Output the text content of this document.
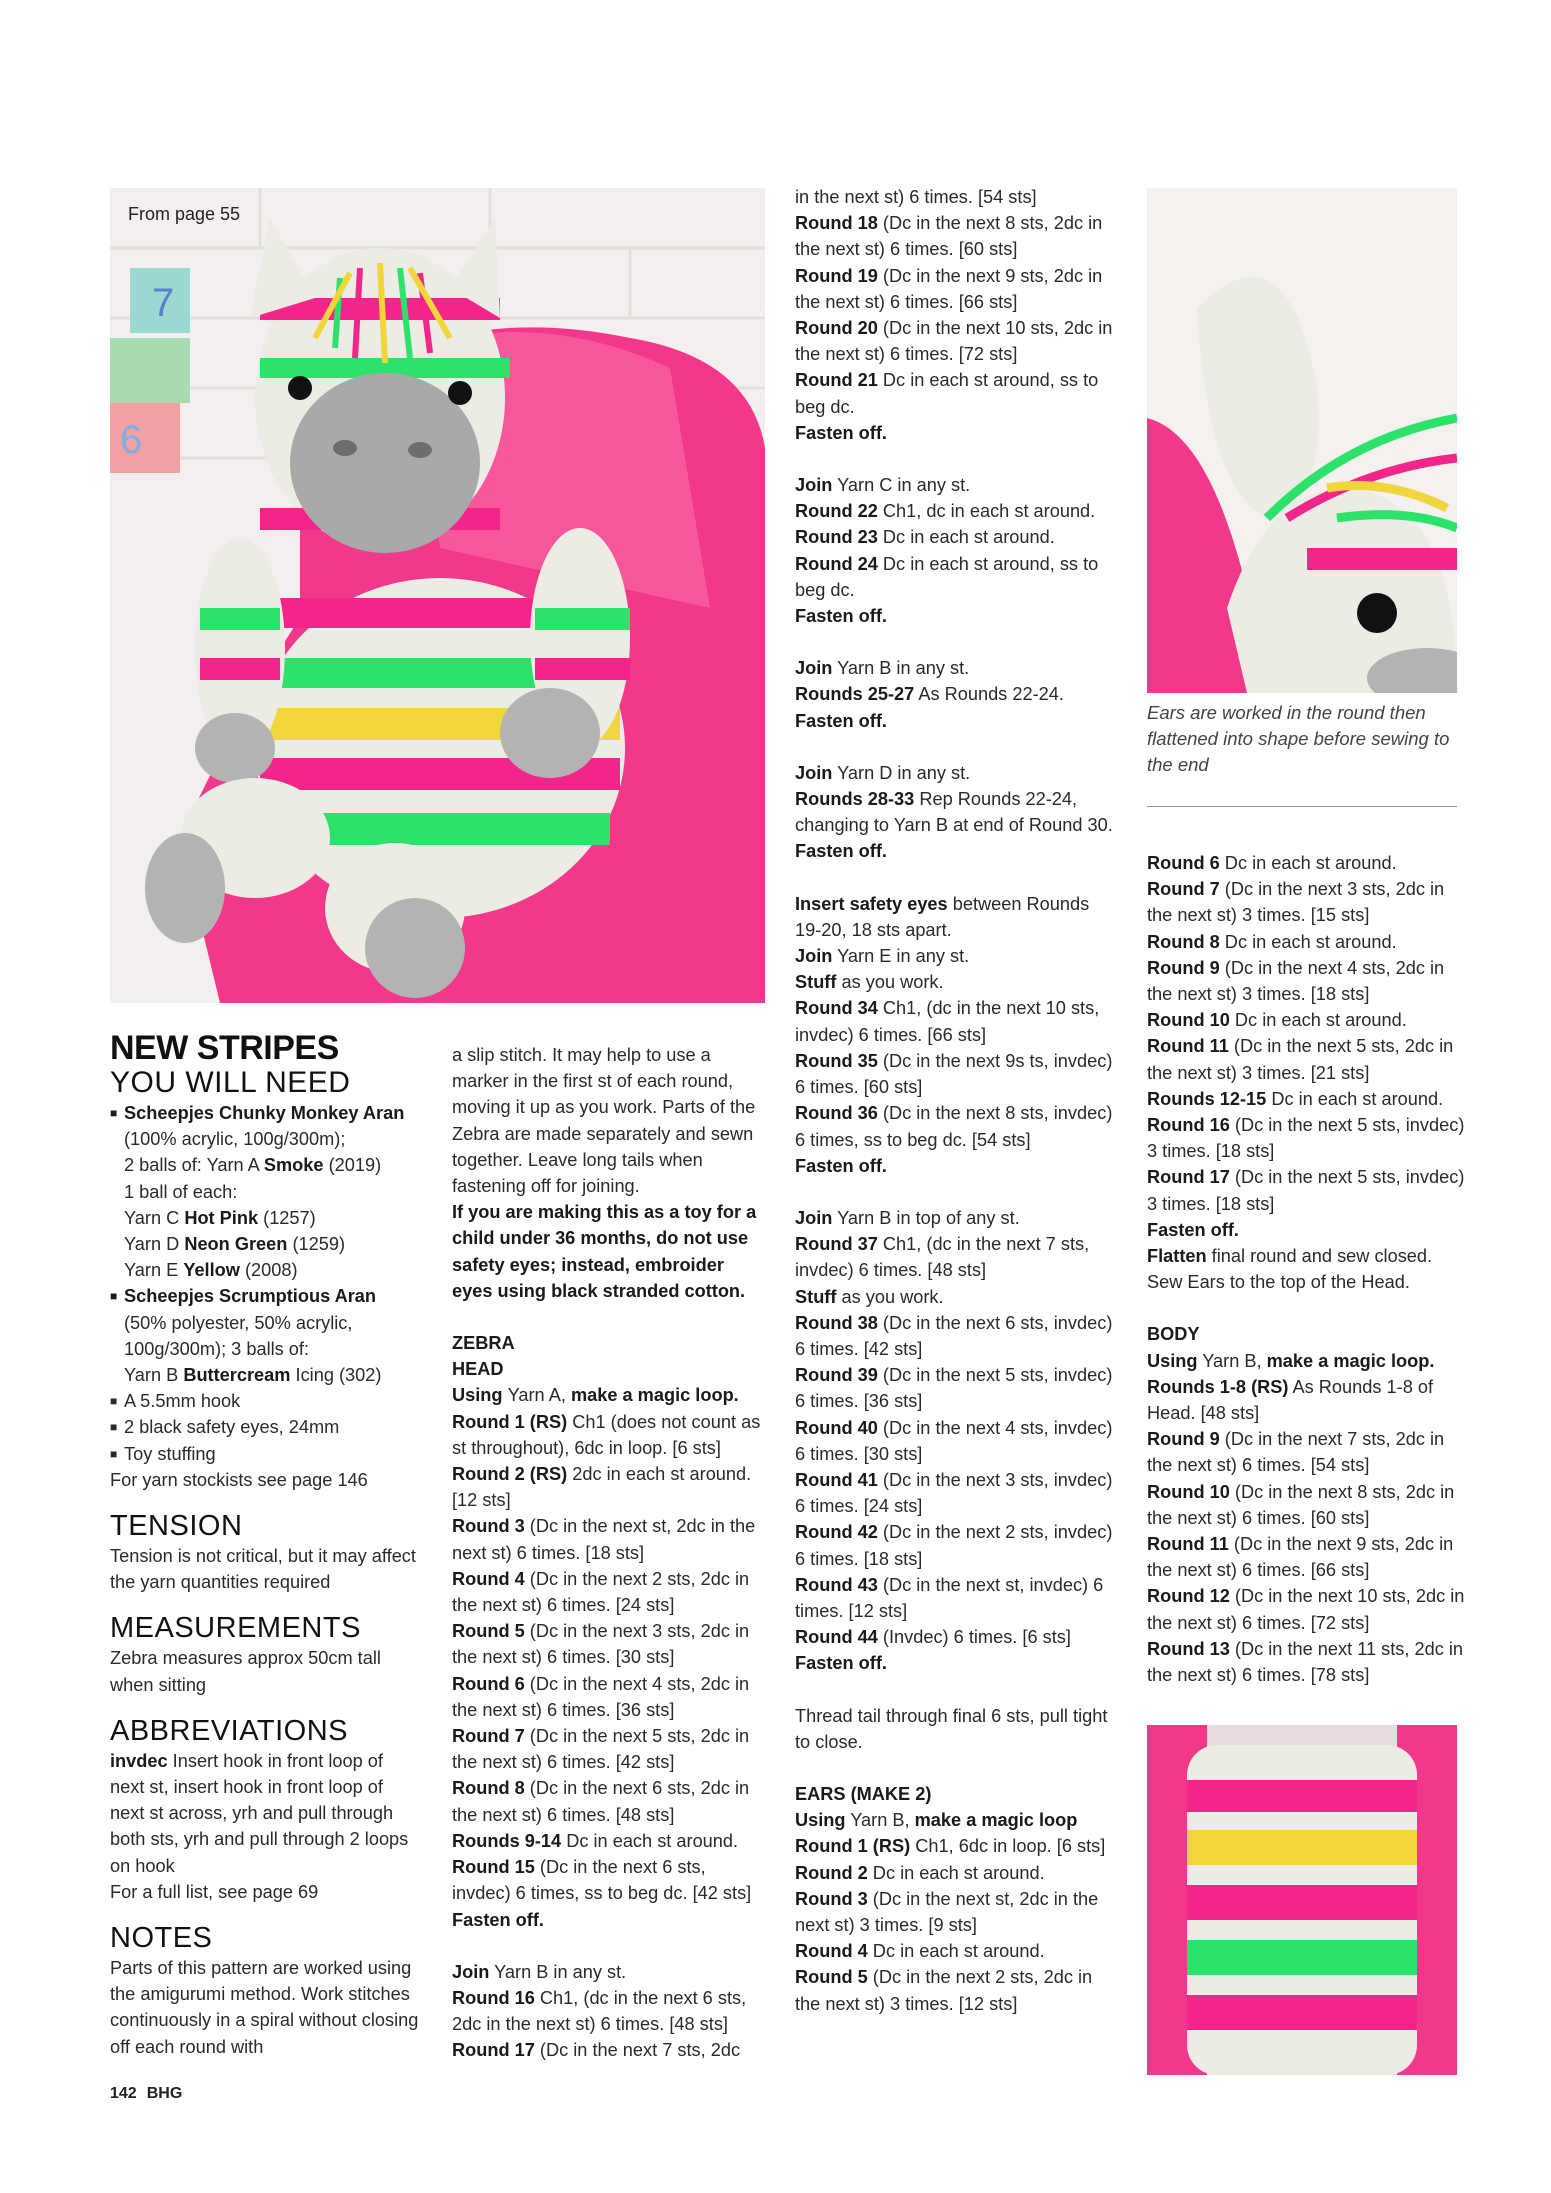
7
6
From page 55
Ears are worked in the round then flattened into shape before sewing to the end

NEW STRIPES

YOU WILL NEED

■ Scheepjes Chunky Monkey Aran

(100% acrylic, 100g/300m);

2 balls of: Yarn A Smoke (2019)

1 ball of each:

Yarn C Hot Pink (1257)

Yarn D Neon Green (1259)

Yarn E Yellow (2008)

■ Scheepjes Scrumptious Aran

(50% polyester, 50% acrylic,

100g/300m); 3 balls of:

Yarn B Buttercream Icing (302)

■ A 5.5mm hook

■ 2 black safety eyes, 24mm

■ Toy stuffing

For yarn stockists see page 146

TENSION

Tension is not critical, but it may affect the yarn quantities required

MEASUREMENTS

Zebra measures approx 50cm tall when sitting

ABBREVIATIONS

invdec Insert hook in front loop of next st, insert hook in front loop of next st across, yrh and pull through both sts, yrh and pull through 2 loops on hook

For a full list, see page 69

NOTES

Parts of this pattern are worked using the amigurumi method. Work stitches continuously in a spiral without closing off each round with

a slip stitch. It may help to use a marker in the first st of each round, moving it up as you work. Parts of the Zebra are made separately and sewn together. Leave long tails when fastening off for joining.

If you are making this as a toy for a child under 36 months, do not use safety eyes; instead, embroider eyes using black stranded cotton.

ZEBRA

HEAD

Using Yarn A, make a magic loop.

Round 1 (RS) Ch1 (does not count as st throughout), 6dc in loop. [6 sts]

Round 2 (RS) 2dc in each st around. [12 sts]

Round 3 (Dc in the next st, 2dc in the next st) 6 times. [18 sts]

Round 4 (Dc in the next 2 sts, 2dc in the next st) 6 times. [24 sts]

Round 5 (Dc in the next 3 sts, 2dc in the next st) 6 times. [30 sts]

Round 6 (Dc in the next 4 sts, 2dc in the next st) 6 times. [36 sts]

Round 7 (Dc in the next 5 sts, 2dc in the next st) 6 times. [42 sts]

Round 8 (Dc in the next 6 sts, 2dc in the next st) 6 times. [48 sts]

Rounds 9-14 Dc in each st around.

Round 15 (Dc in the next 6 sts, invdec) 6 times, ss to beg dc. [42 sts]

Fasten off.

Join Yarn B in any st.

Round 16 Ch1, (dc in the next 6 sts, 2dc in the next st) 6 times. [48 sts]

Round 17 (Dc in the next 7 sts, 2dc

in the next st) 6 times. [54 sts]

Round 18 (Dc in the next 8 sts, 2dc in the next st) 6 times. [60 sts]

Round 19 (Dc in the next 9 sts, 2dc in the next st) 6 times. [66 sts]

Round 20 (Dc in the next 10 sts, 2dc in the next st) 6 times. [72 sts]

Round 21 Dc in each st around, ss to beg dc.

Fasten off.

Join Yarn C in any st.

Round 22 Ch1, dc in each st around.

Round 23 Dc in each st around.

Round 24 Dc in each st around, ss to beg dc.

Fasten off.

Join Yarn B in any st.

Rounds 25-27 As Rounds 22-24.

Fasten off.

Join Yarn D in any st.

Rounds 28-33 Rep Rounds 22-24, changing to Yarn B at end of Round 30.

Fasten off.

Insert safety eyes between Rounds 19-20, 18 sts apart.

Join Yarn E in any st.

Stuff as you work.

Round 34 Ch1, (dc in the next 10 sts, invdec) 6 times. [66 sts]

Round 35 (Dc in the next 9s ts, invdec) 6 times. [60 sts]

Round 36 (Dc in the next 8 sts, invdec) 6 times, ss to beg dc. [54 sts]

Fasten off.

Join Yarn B in top of any st.

Round 37 Ch1, (dc in the next 7 sts, invdec) 6 times. [48 sts]

Stuff as you work.

Round 38 (Dc in the next 6 sts, invdec) 6 times. [42 sts]

Round 39 (Dc in the next 5 sts, invdec) 6 times. [36 sts]

Round 40 (Dc in the next 4 sts, invdec) 6 times. [30 sts]

Round 41 (Dc in the next 3 sts, invdec) 6 times. [24 sts]

Round 42 (Dc in the next 2 sts, invdec) 6 times. [18 sts]

Round 43 (Dc in the next st, invdec) 6 times. [12 sts]

Round 44 (Invdec) 6 times. [6 sts]

Fasten off.

Thread tail through final 6 sts, pull tight to close.

EARS (MAKE 2)

Using Yarn B, make a magic loop

Round 1 (RS) Ch1, 6dc in loop. [6 sts]

Round 2 Dc in each st around.

Round 3 (Dc in the next st, 2dc in the next st) 3 times. [9 sts]

Round 4 Dc in each st around.

Round 5 (Dc in the next 2 sts, 2dc in the next st) 3 times. [12 sts]

Round 6 Dc in each st around.

Round 7 (Dc in the next 3 sts, 2dc in the next st) 3 times. [15 sts]

Round 8 Dc in each st around.

Round 9 (Dc in the next 4 sts, 2dc in the next st) 3 times. [18 sts]

Round 10 Dc in each st around.

Round 11 (Dc in the next 5 sts, 2dc in the next st) 3 times. [21 sts]

Rounds 12-15 Dc in each st around.

Round 16 (Dc in the next 5 sts, invdec) 3 times. [18 sts]

Round 17 (Dc in the next 5 sts, invdec) 3 times. [18 sts]

Fasten off.

Flatten final round and sew closed. Sew Ears to the top of the Head.

BODY

Using Yarn B, make a magic loop.

Rounds 1-8 (RS) As Rounds 1-8 of Head. [48 sts]

Round 9 (Dc in the next 7 sts, 2dc in the next st) 6 times. [54 sts]

Round 10 (Dc in the next 8 sts, 2dc in the next st) 6 times. [60 sts]

Round 11 (Dc in the next 9 sts, 2dc in the next st) 6 times. [66 sts]

Round 12 (Dc in the next 10 sts, 2dc in the next st) 6 times. [72 sts]

Round 13 (Dc in the next 11 sts, 2dc in the next st) 6 times. [78 sts]

142 BHG
